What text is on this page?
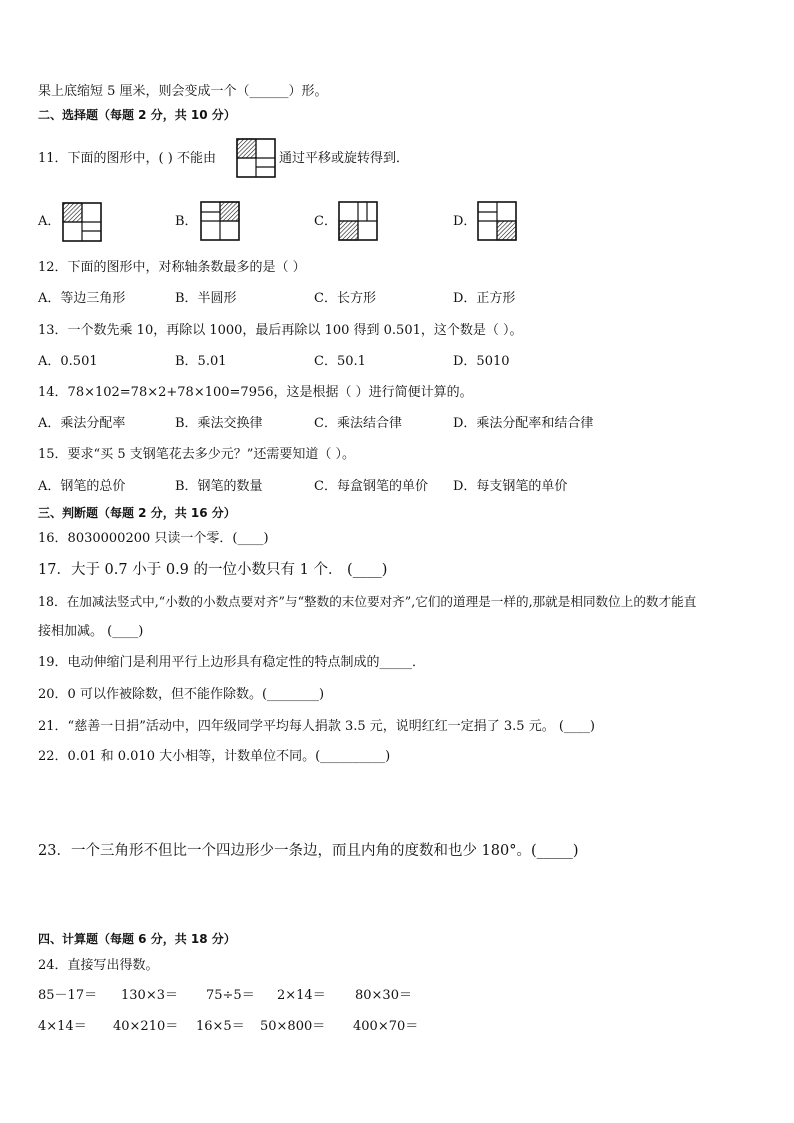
果上底缩短 5 厘米，则会变成一个（______）形。
二、选择题（每题 2 分，共 10 分）
11．下面的图形中，( ) 不能由	通过平移或旋转得到．
A．	B．	C．	D．
12．下面的图形中，对称轴条数最多的是（ ）
A．等边三角形	B．半圆形	C．长方形	D．正方形
13．一个数先乘 10，再除以 1000，最后再除以 100 得到 0.501，这个数是（ ）。
A．0.501	B．5.01	C．50.1	D．5010
14．78×102=78×2+78×100=7956，这是根据（ ）进行简便计算的。
A．乘法分配率	B．乘法交换律	C．乘法结合律	D．乘法分配率和结合律
15．要求“买 5 支钢笔花去多少元？”还需要知道（ ）。
A．钢笔的总价	B．钢笔的数量	C．每盒钢笔的单价 D．每支钢笔的单价
三、判断题（每题 2 分，共 16 分）
16．8030000200 只读一个零．(____)
17．大于 0.7 小于 0.9 的一位小数只有 1 个． (____)
18．在加减法竖式中,“小数的小数点要对齐”与“整数的末位要对齐”,它们的道理是一样的,那就是相同数位上的数才能直
接相加减。 (____)
19．电动伸缩门是利用平行上边形具有稳定性的特点制成的_____．
20．0 可以作被除数，但不能作除数。(________)
21．“慈善一日捐”活动中，四年级同学平均每人捐款 3.5 元，说明红红一定捐了 3.5 元。 (____)
22．0.01 和 0.010 大小相等，计数单位不同。(__________)
23．一个三角形不但比一个四边形少一条边，而且内角的度数和也少 180°。(_____)
四、计算题（每题 6 分，共 18 分）
24．直接写出得数。
85－17＝ 130×3＝ 75÷5＝ 2×14＝ 80×30＝
4×14＝ 40×210＝ 16×5＝ 50×800＝ 400×70＝
